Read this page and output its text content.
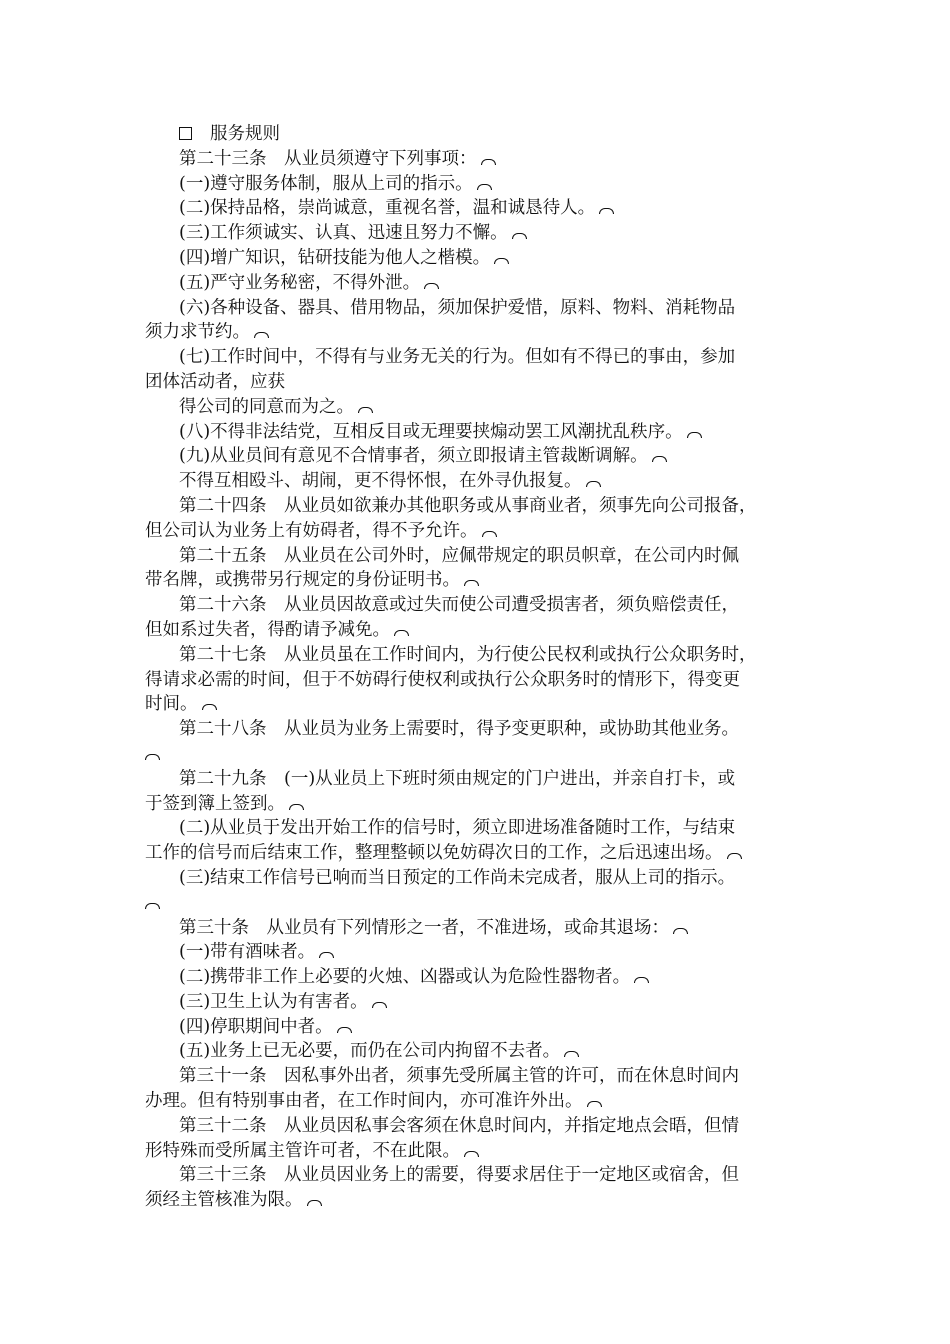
服务规则
第二十三条　从业员须遵守下列事项：
(一)遵守服务体制，服从上司的指示。
(二)保持品格，崇尚诚意，重视名誉，温和诚恳待人。
(三)工作须诚实、认真、迅速且努力不懈。
(四)增广知识，钻研技能为他人之楷模。
(五)严守业务秘密，不得外泄。
(六)各种设备、器具、借用物品，须加保护爱惜，原料、物料、消耗物品
须力求节约。
(七)工作时间中，不得有与业务无关的行为。但如有不得已的事由，参加
团体活动者，应获
得公司的同意而为之。
(八)不得非法结党，互相反目或无理要挟煽动罢工风潮扰乱秩序。
(九)从业员间有意见不合情事者，须立即报请主管裁断调解。
不得互相殴斗、胡闹，更不得怀恨，在外寻仇报复。
第二十四条　从业员如欲兼办其他职务或从事商业者，须事先向公司报备，
但公司认为业务上有妨碍者，得不予允许。
第二十五条　从业员在公司外时，应佩带规定的职员帜章，在公司内时佩
带名牌，或携带另行规定的身份证明书。
第二十六条　从业员因故意或过失而使公司遭受损害者，须负赔偿责任，
但如系过失者，得酌请予减免。
第二十七条　从业员虽在工作时间内，为行使公民权利或执行公众职务时，
得请求必需的时间，但于不妨碍行使权利或执行公众职务时的情形下，得变更
时间。
第二十八条　从业员为业务上需要时，得予变更职种，或协助其他业务。
第二十九条　(一)从业员上下班时须由规定的门户进出，并亲自打卡，或
于签到簿上签到。
(二)从业员于发出开始工作的信号时，须立即进场准备随时工作，与结束
工作的信号而后结束工作，整理整顿以免妨碍次日的工作，之后迅速出场。
(三)结束工作信号已响而当日预定的工作尚未完成者，服从上司的指示。
第三十条　从业员有下列情形之一者，不准进场，或命其退场：
(一)带有酒味者。
(二)携带非工作上必要的火烛、凶器或认为危险性器物者。
(三)卫生上认为有害者。
(四)停职期间中者。
(五)业务上已无必要，而仍在公司内拘留不去者。
第三十一条　因私事外出者，须事先受所属主管的许可，而在休息时间内
办理。但有特别事由者，在工作时间内，亦可准许外出。
第三十二条　从业员因私事会客须在休息时间内，并指定地点会晤，但情
形特殊而受所属主管许可者，不在此限。
第三十三条　从业员因业务上的需要，得要求居住于一定地区或宿舍，但
须经主管核准为限。
